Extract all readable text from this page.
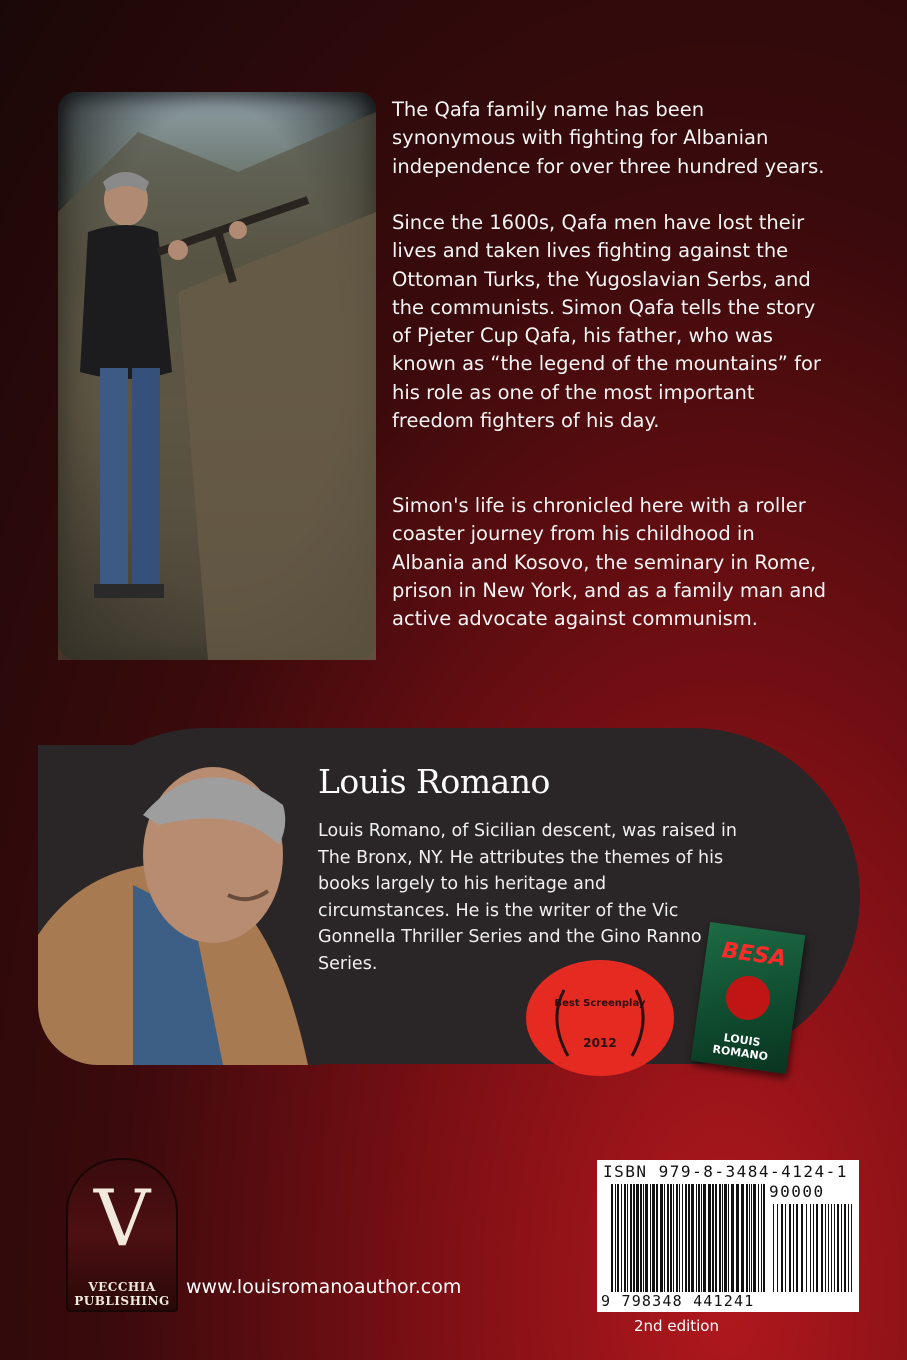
The Qafa family name has been synonymous with fighting for Albanian independence for over three hundred years.
Since the 1600s, Qafa men have lost their lives and taken lives fighting against the Ottoman Turks, the Yugoslavian Serbs, and the communists. Simon Qafa tells the story of Pjeter Cup Qafa, his father, who was known as “the legend of the mountains” for his role as one of the most important freedom fighters of his day.
Simon's life is chronicled here with a roller coaster journey from his childhood in Albania and Kosovo, the seminary in Rome, prison in New York, and as a family man and active advocate against communism.
Louis Romano
Louis Romano, of Sicilian descent, was raised in The Bronx, NY. He attributes the themes of his books largely to his heritage and circumstances. He is the writer of the Vic Gonnella Thriller Series and the Gino Ranno Series.
Best Screenplay
2012
BESA
LOUIS ROMANO
V
VECCHIA
PUBLISHING
www.louisromanoauthor.com
ISBN 979-8-3484-4124-1
90000
9 798348 441241
2nd edition
